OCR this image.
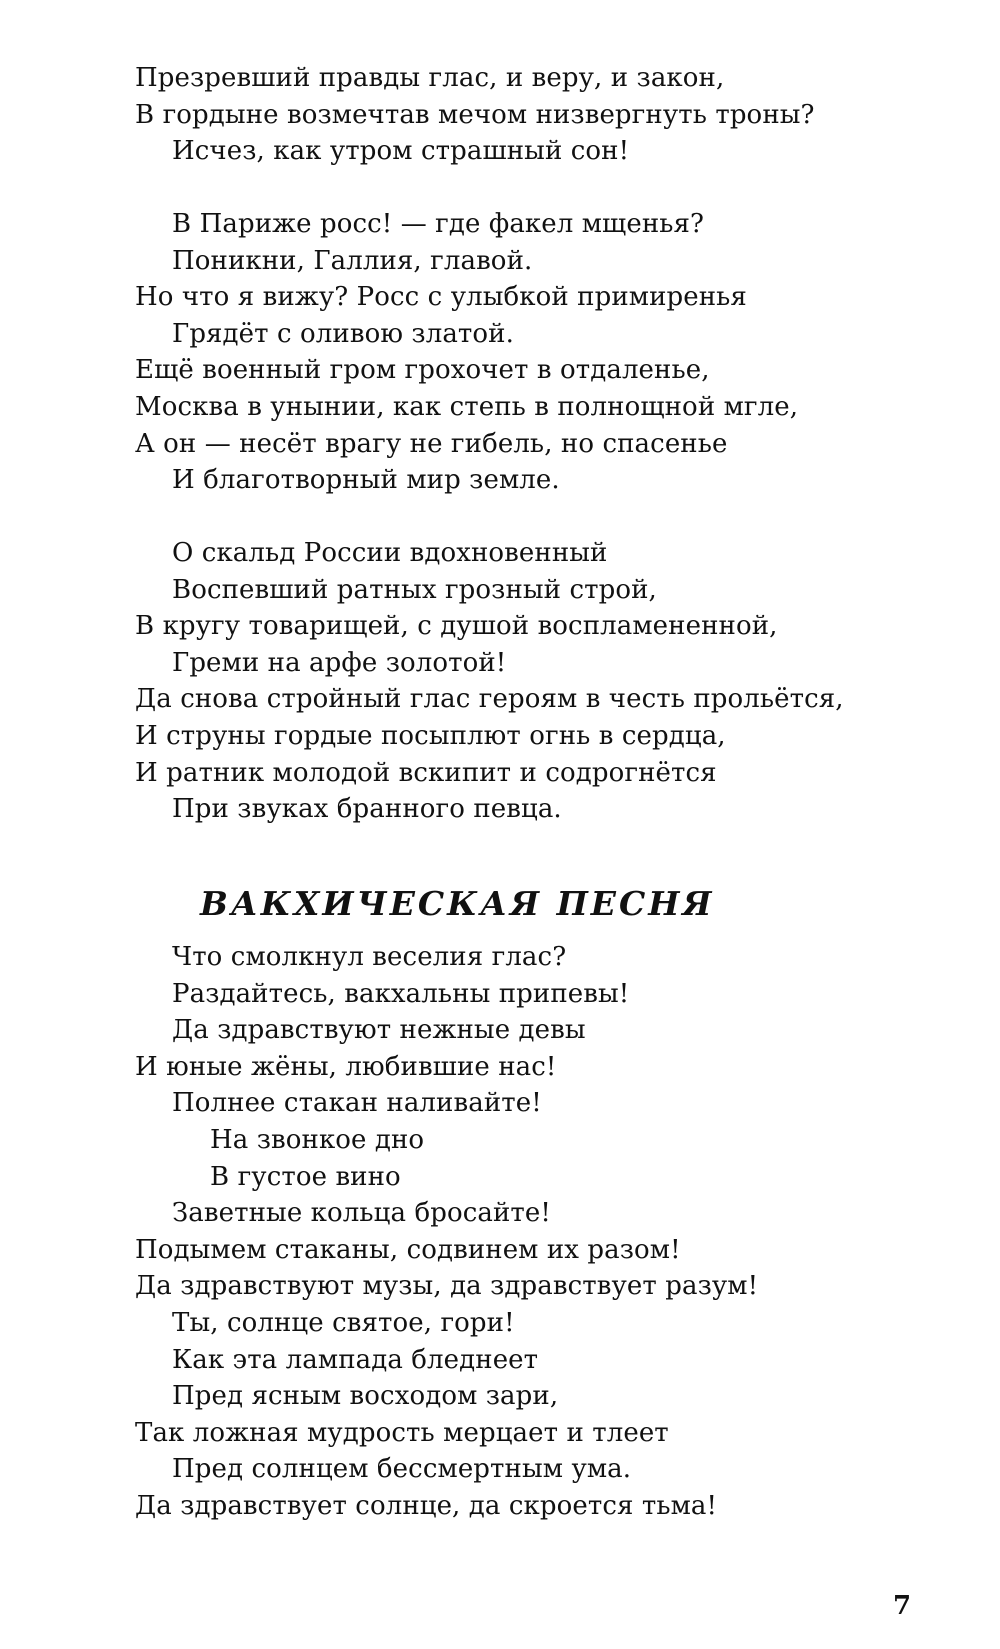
Презревший правды глас, и веру, и закон,
В гордыне возмечтав мечом низвергнуть троны?
Исчез, как утром страшный сон!
В Париже росс! — где факел мщенья?
Поникни, Галлия, главой.
Но что я вижу? Росс с улыбкой примиренья
Грядёт с оливою златой.
Ещё военный гром грохочет в отдаленье,
Москва в унынии, как степь в полнощной мгле,
А он — несёт врагу не гибель, но спасенье
И благотворный мир земле.
О скальд России вдохновенный
Воспевший ратных грозный строй,
В кругу товарищей, с душой воспламененной,
Греми на арфе золотой!
Да снова стройный глас героям в честь прольётся,
И струны гордые посыплют огнь в сердца,
И ратник молодой вскипит и содрогнётся
При звуках бранного певца.
ВАКХИЧЕСКАЯ ПЕСНЯ
Что смолкнул веселия глас?
Раздайтесь, вакхальны припевы!
Да здравствуют нежные девы
И юные жёны, любившие нас!
Полнее стакан наливайте!
На звонкое дно
В густое вино
Заветные кольца бросайте!
Подымем стаканы, содвинем их разом!
Да здравствуют музы, да здравствует разум!
Ты, солнце святое, гори!
Как эта лампада бледнеет
Пред ясным восходом зари,
Так ложная мудрость мерцает и тлеет
Пред солнцем бессмертным ума.
Да здравствует солнце, да скроется тьма!
7
